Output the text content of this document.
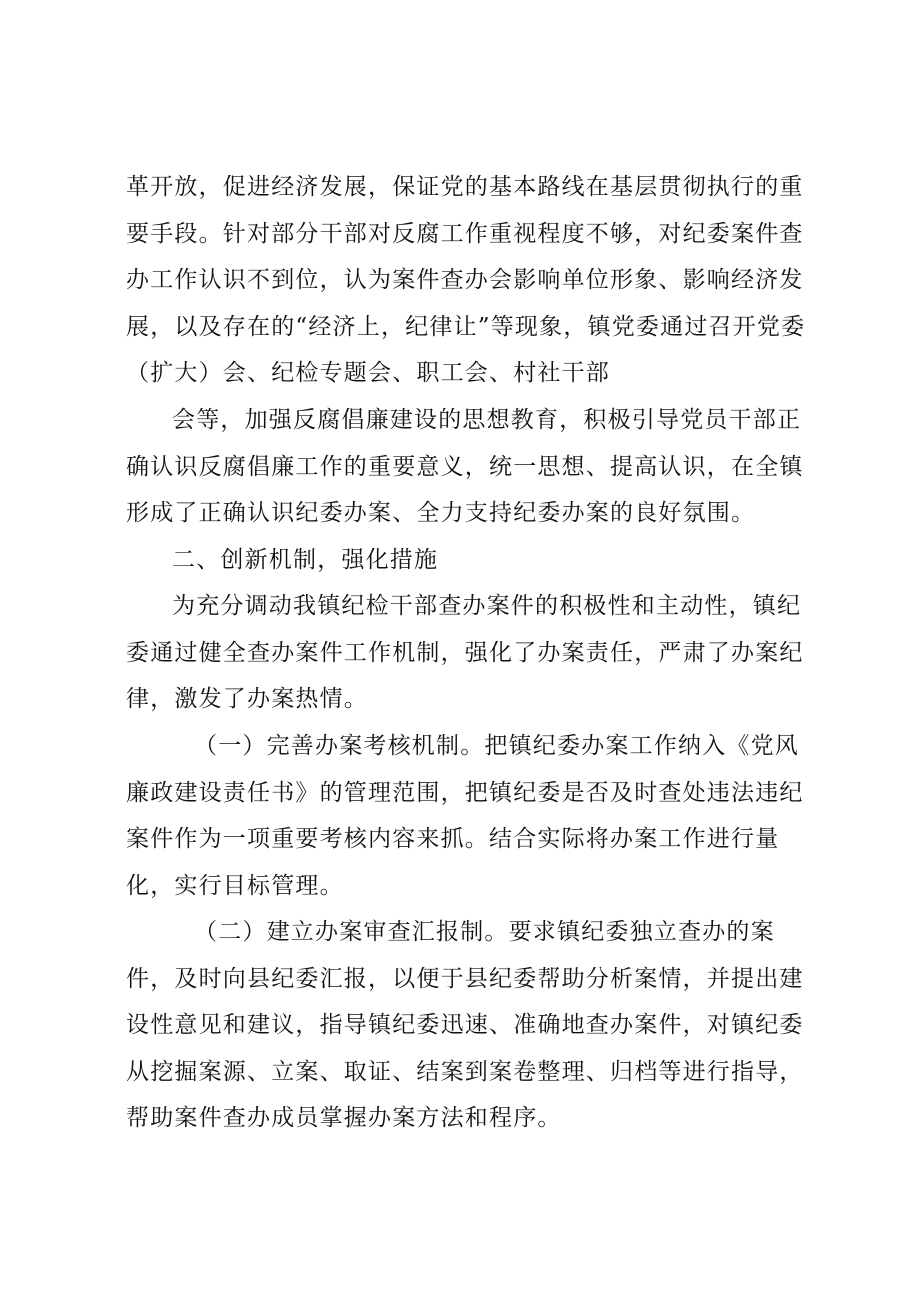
革开放，促进经济发展，保证党的基本路线在基层贯彻执行的重要手段。针对部分干部对反腐工作重视程度不够，对纪委案件查办工作认识不到位，认为案件查办会影响单位形象、影响经济发展，以及存在的“经济上，纪律让”等现象，镇党委通过召开党委（扩大）会、纪检专题会、职工会、村社干部

会等，加强反腐倡廉建设的思想教育，积极引导党员干部正确认识反腐倡廉工作的重要意义，统一思想、提高认识，在全镇形成了正确认识纪委办案、全力支持纪委办案的良好氛围。

二、创新机制，强化措施

为充分调动我镇纪检干部查办案件的积极性和主动性，镇纪委通过健全查办案件工作机制，强化了办案责任，严肃了办案纪律，激发了办案热情。

（一）完善办案考核机制。把镇纪委办案工作纳入《党风廉政建设责任书》的管理范围，把镇纪委是否及时查处违法违纪案件作为一项重要考核内容来抓。结合实际将办案工作进行量化，实行目标管理。

（二）建立办案审查汇报制。要求镇纪委独立查办的案件，及时向县纪委汇报，以便于县纪委帮助分析案情，并提出建设性意见和建议，指导镇纪委迅速、准确地查办案件，对镇纪委从挖掘案源、立案、取证、结案到案卷整理、归档等进行指导，帮助案件查办成员掌握办案方法和程序。
